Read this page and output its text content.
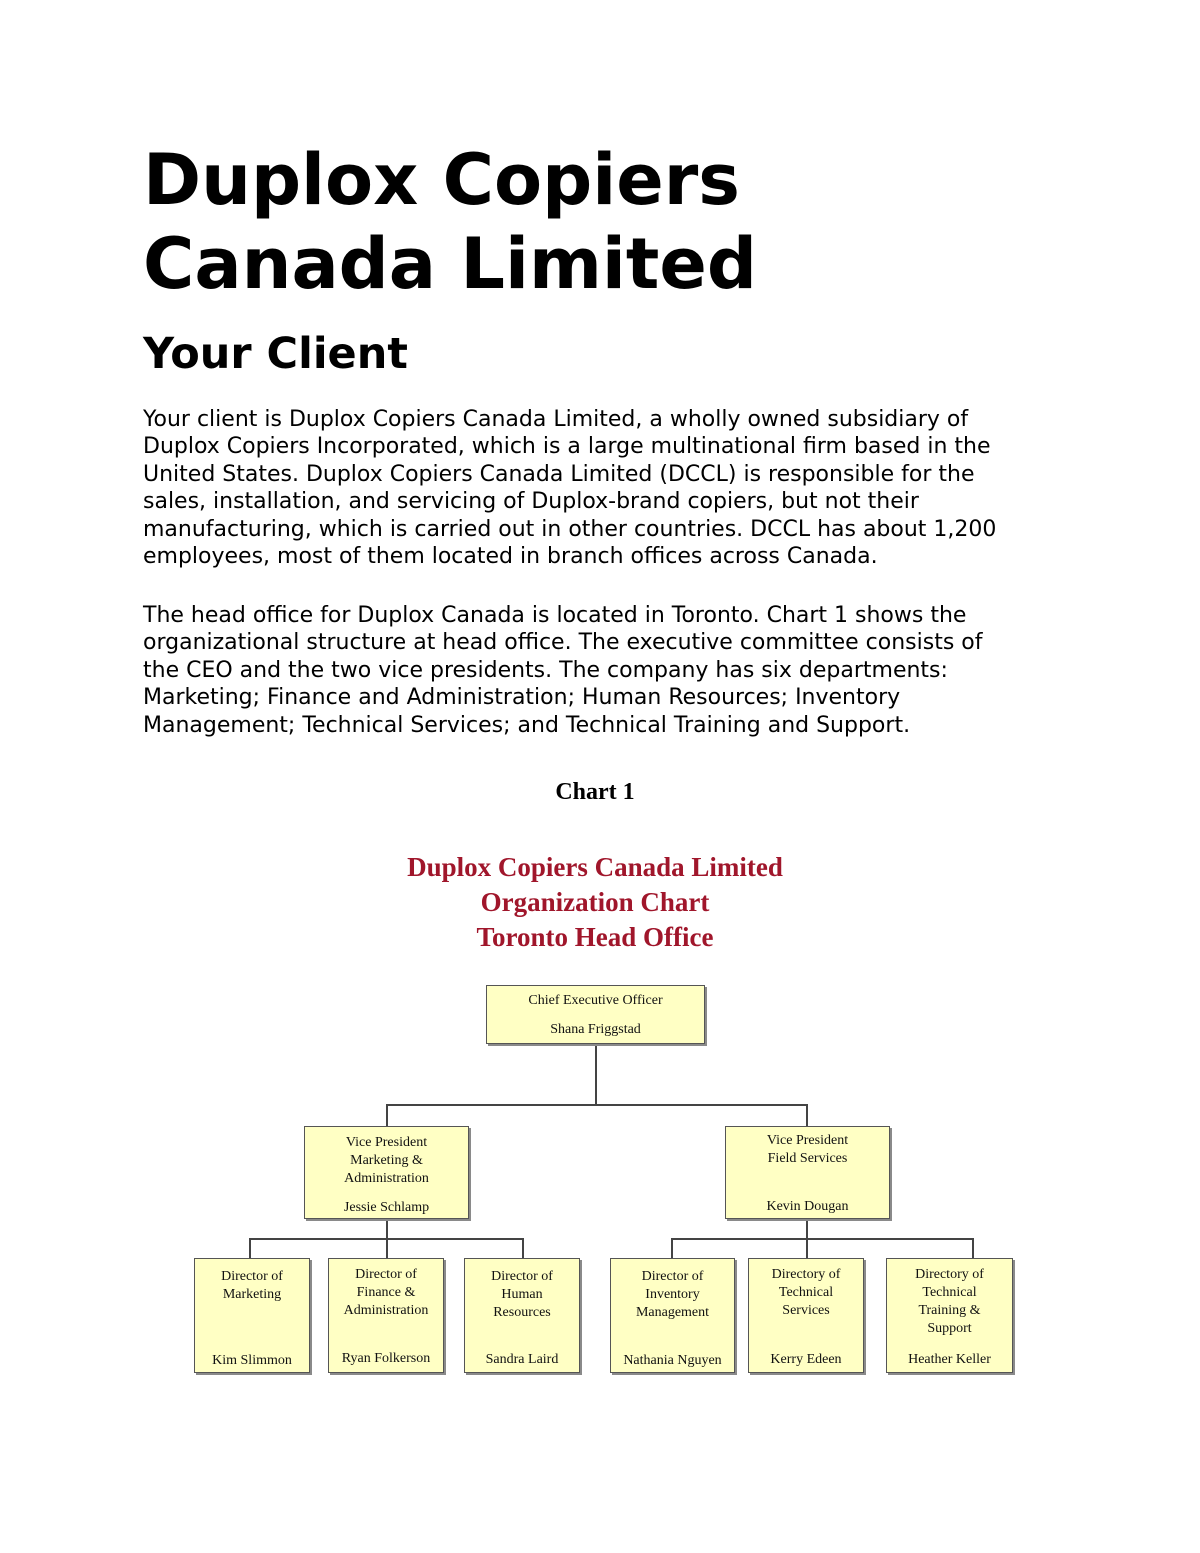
Duplox Copiers
Canada Limited
Your Client

Your client is Duplox Copiers Canada Limited, a wholly owned subsidiary of
Duplox Copiers Incorporated, which is a large multinational firm based in the
United States. Duplox Copiers Canada Limited (DCCL) is responsible for the
sales, installation, and servicing of Duplox-brand copiers, but not their
manufacturing, which is carried out in other countries. DCCL has about 1,200
employees, most of them located in branch offices across Canada.

The head office for Duplox Canada is located in Toronto. Chart 1 shows the
organizational structure at head office. The executive committee consists of
the CEO and the two vice presidents. The company has six departments:
Marketing; Finance and Administration; Human Resources; Inventory
Management; Technical Services; and Technical Training and Support.

Chart 1
Duplox Copiers Canada Limited
Organization Chart
Toronto Head Office
Chief Executive Officer
Shana Friggstad
Vice President
Marketing &
Administration
Jessie Schlamp
Vice President
Field Services
Kevin Dougan
Director of
Marketing
Kim Slimmon
Director of
Finance &
Administration
Ryan Folkerson
Director of
Human
Resources
Sandra Laird
Director of
Inventory
Management
Nathania Nguyen
Directory of
Technical
Services
Kerry Edeen
Directory of
Technical
Training &
Support
Heather Keller
